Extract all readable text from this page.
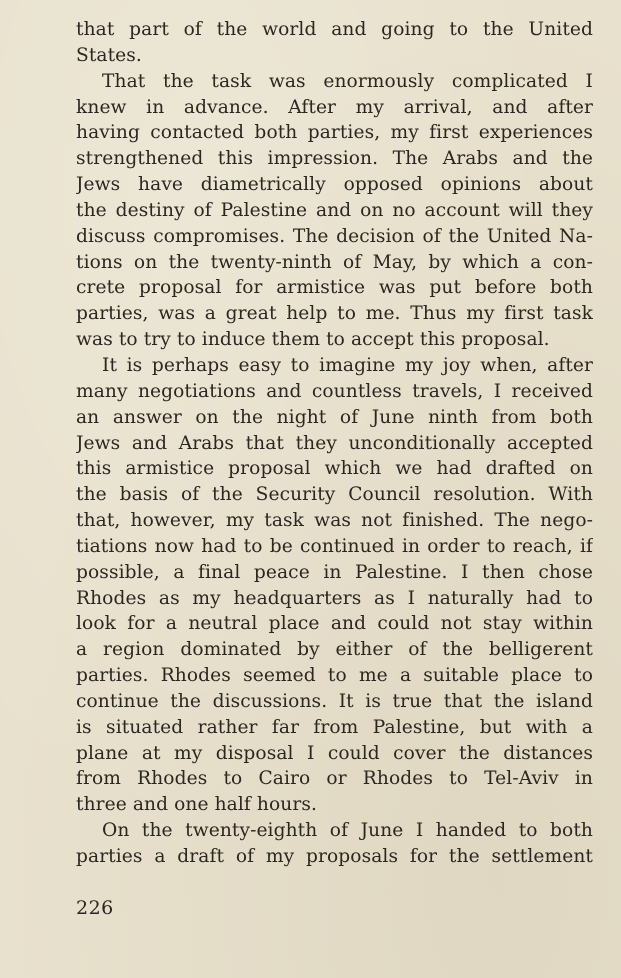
that part of the world and going to the United
States.
That the task was enormously complicated I
knew in advance. After my arrival, and after
having contacted both parties, my first experiences
strengthened this impression. The Arabs and the
Jews have diametrically opposed opinions about
the destiny of Palestine and on no account will they
discuss compromises. The decision of the United Na-
tions on the twenty-ninth of May, by which a con-
crete proposal for armistice was put before both
parties, was a great help to me. Thus my first task
was to try to induce them to accept this proposal.
It is perhaps easy to imagine my joy when, after
many negotiations and countless travels, I received
an answer on the night of June ninth from both
Jews and Arabs that they unconditionally accepted
this armistice proposal which we had drafted on
the basis of the Security Council resolution. With
that, however, my task was not finished. The nego-
tiations now had to be continued in order to reach, if
possible, a final peace in Palestine. I then chose
Rhodes as my headquarters as I naturally had to
look for a neutral place and could not stay within
a region dominated by either of the belligerent
parties. Rhodes seemed to me a suitable place to
continue the discussions. It is true that the island
is situated rather far from Palestine, but with a
plane at my disposal I could cover the distances
from Rhodes to Cairo or Rhodes to Tel-Aviv in
three and one half hours.
On the twenty-eighth of June I handed to both
parties a draft of my proposals for the settlement
226
